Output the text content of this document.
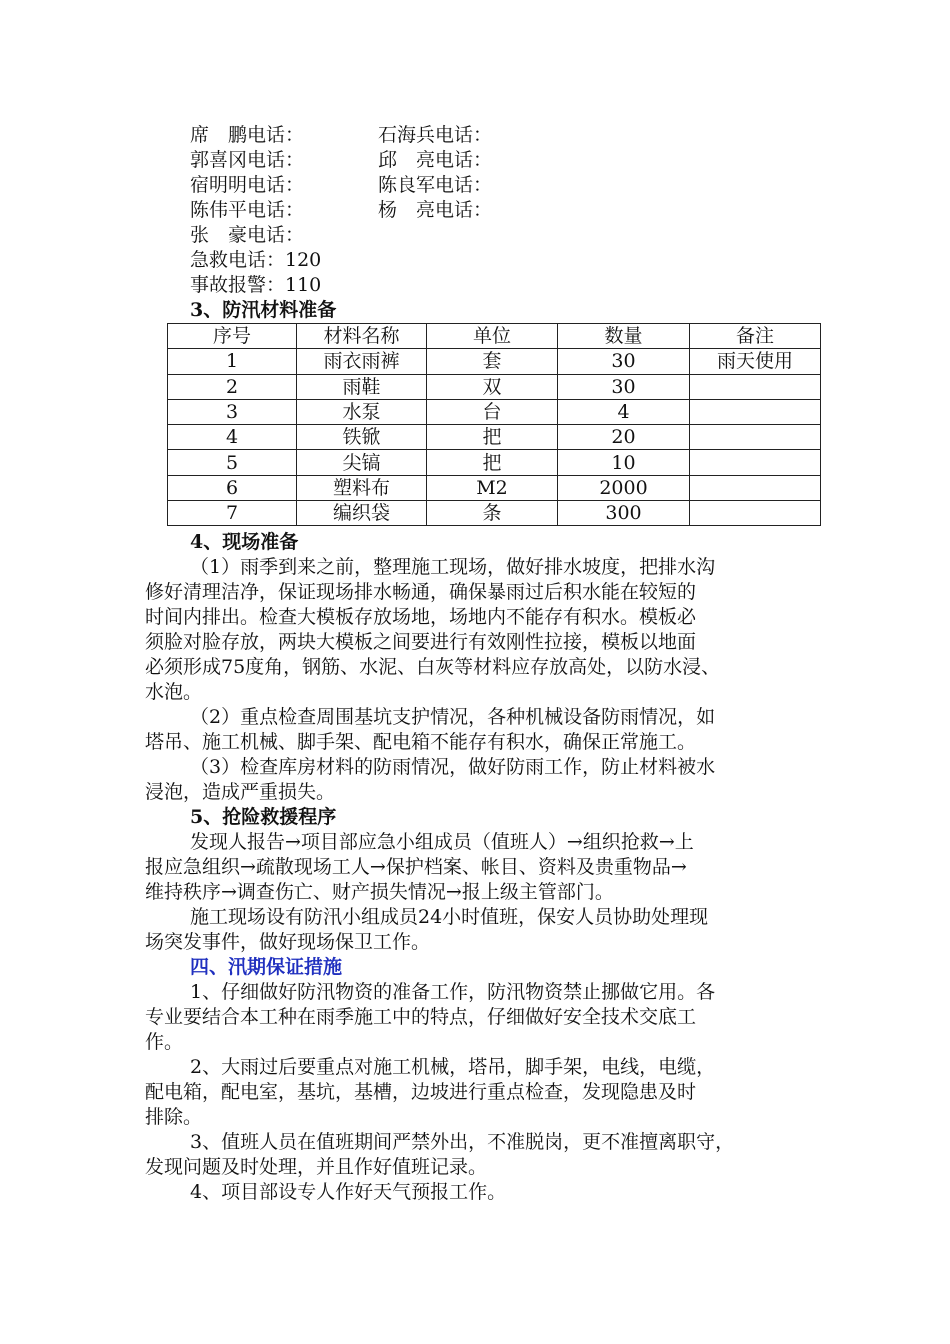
席　鹏电话：	石海兵电话：
郭喜冈电话：	邱　亮电话：
宿明明电话：	陈良军电话：
陈伟平电话：	杨　亮电话：
张　豪电话：
急救电话：120
事故报警：110
3、防汛材料准备
序号	材料名称	单位	数量	备注
1	雨衣雨裤	套	30	雨天使用
2	雨鞋	双	30	
3	水泵	台	4	
4	铁锨	把	20	
5	尖镐	把	10	
6	塑料布	M2	2000	
7	编织袋	条	300	
4、现场准备
（1）雨季到来之前，整理施工现场，做好排水坡度，把排水沟
修好清理洁净，保证现场排水畅通，确保暴雨过后积水能在较短的
时间内排出。检查大模板存放场地，场地内不能存有积水。模板必
须脸对脸存放，两块大模板之间要进行有效刚性拉接，模板以地面
必须形成75度角，钢筋、水泥、白灰等材料应存放高处，以防水浸、
水泡。
（2）重点检查周围基坑支护情况，各种机械设备防雨情况，如
塔吊、施工机械、脚手架、配电箱不能存有积水，确保正常施工。
（3）检查库房材料的防雨情况，做好防雨工作，防止材料被水
浸泡，造成严重损失。
5、抢险救援程序
发现人报告→项目部应急小组成员（值班人）→组织抢救→上
报应急组织→疏散现场工人→保护档案、帐目、资料及贵重物品→
维持秩序→调查伤亡、财产损失情况→报上级主管部门。
施工现场设有防汛小组成员24小时值班，保安人员协助处理现
场突发事件，做好现场保卫工作。
四、汛期保证措施
1、仔细做好防汛物资的准备工作，防汛物资禁止挪做它用。各
专业要结合本工种在雨季施工中的特点，仔细做好安全技术交底工
作。
2、大雨过后要重点对施工机械，塔吊，脚手架，电线，电缆，
配电箱，配电室，基坑，基槽，边坡进行重点检查，发现隐患及时
排除。
3、值班人员在值班期间严禁外出，不准脱岗，更不准擅离职守，
发现问题及时处理，并且作好值班记录。
4、项目部设专人作好天气预报工作。
